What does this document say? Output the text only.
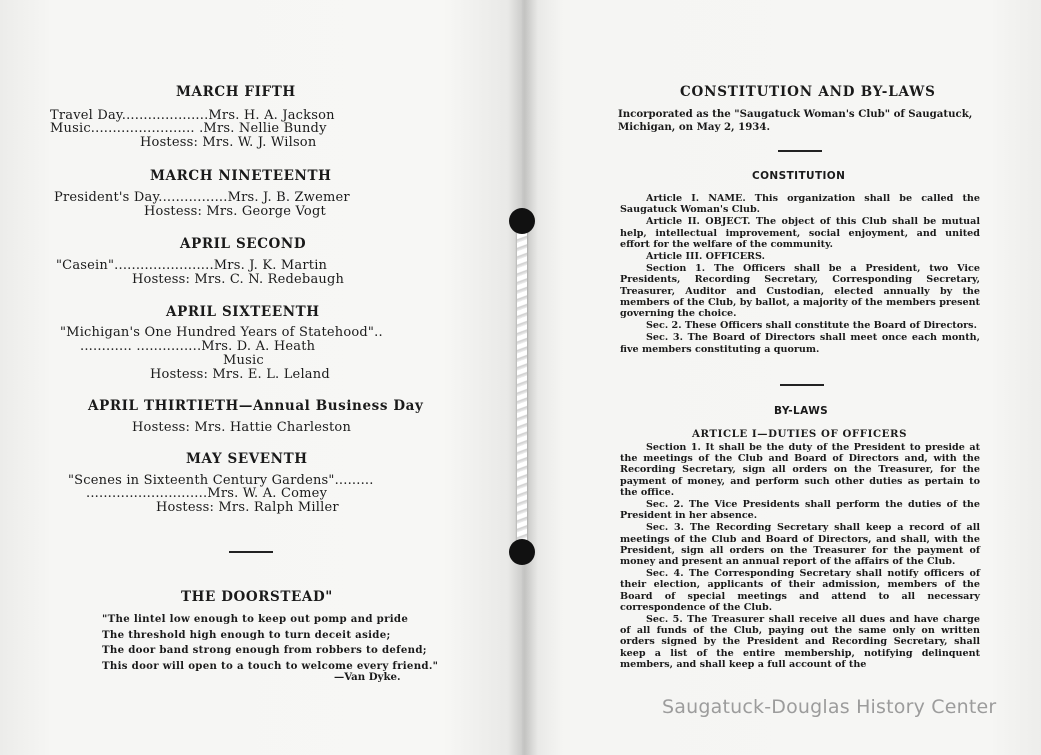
MARCH FIFTH
Travel Day....................Mrs. H. A. Jackson
Music........................ .Mrs. Nellie Bundy
Hostess: Mrs. W. J. Wilson
MARCH NINETEENTH
President's Day................Mrs. J. B. Zwemer
Hostess: Mrs. George Vogt
APRIL SECOND
"Casein".......................Mrs. J. K. Martin
Hostess: Mrs. C. N. Redebaugh
APRIL SIXTEENTH
"Michigan's One Hundred Years of Statehood"..
............ ...............Mrs. D. A. Heath
Music
Hostess: Mrs. E. L. Leland
APRIL THIRTIETH—Annual Business Day
Hostess: Mrs. Hattie Charleston
MAY SEVENTH
"Scenes in Sixteenth Century Gardens".........
............................Mrs. W. A. Comey
Hostess: Mrs. Ralph Miller
THE DOORSTEAD"
"The lintel low enough to keep out pomp and pride
The threshold high enough to turn deceit aside;
The door band strong enough from robbers to defend;
This door will open to a touch to welcome every friend."
—Van Dyke.
CONSTITUTION AND BY-LAWS
Incorporated as the "Saugatuck Woman's Club" of Saugatuck, Michigan, on May 2, 1934.
CONSTITUTION

Article I. NAME. This organization shall be called the Saugatuck Woman's Club.

Article II. OBJECT. The object of this Club shall be mutual help, intellectual improvement, social enjoyment, and united effort for the welfare of the community.

Article III. OFFICERS.

Section 1. The Officers shall be a President, two Vice Presidents, Recording Secretary, Corresponding Secretary, Treasurer, Auditor and Custodian, elected annually by the members of the Club, by ballot, a majority of the members present governing the choice.

Sec. 2. These Officers shall constitute the Board of Directors.

Sec. 3. The Board of Directors shall meet once each month, five members constituting a quorum.

BY-LAWS
ARTICLE I—DUTIES OF OFFICERS

Section 1. It shall be the duty of the President to preside at the meetings of the Club and Board of Directors and, with the Recording Secretary, sign all orders on the Treasurer, for the payment of money, and perform such other duties as pertain to the office.

Sec. 2. The Vice Presidents shall perform the duties of the President in her absence.

Sec. 3. The Recording Secretary shall keep a record of all meetings of the Club and Board of Directors, and shall, with the President, sign all orders on the Treasurer for the payment of money and present an annual report of the affairs of the Club.

Sec. 4. The Corresponding Secretary shall notify officers of their election, applicants of their admission, members of the Board of special meetings and attend to all necessary correspondence of the Club.

Sec. 5. The Treasurer shall receive all dues and have charge of all funds of the Club, paying out the same only on written orders signed by the President and Recording Secretary, shall keep a list of the entire membership, notifying delinquent members, and shall keep a full account of the

Saugatuck-Douglas History Center
